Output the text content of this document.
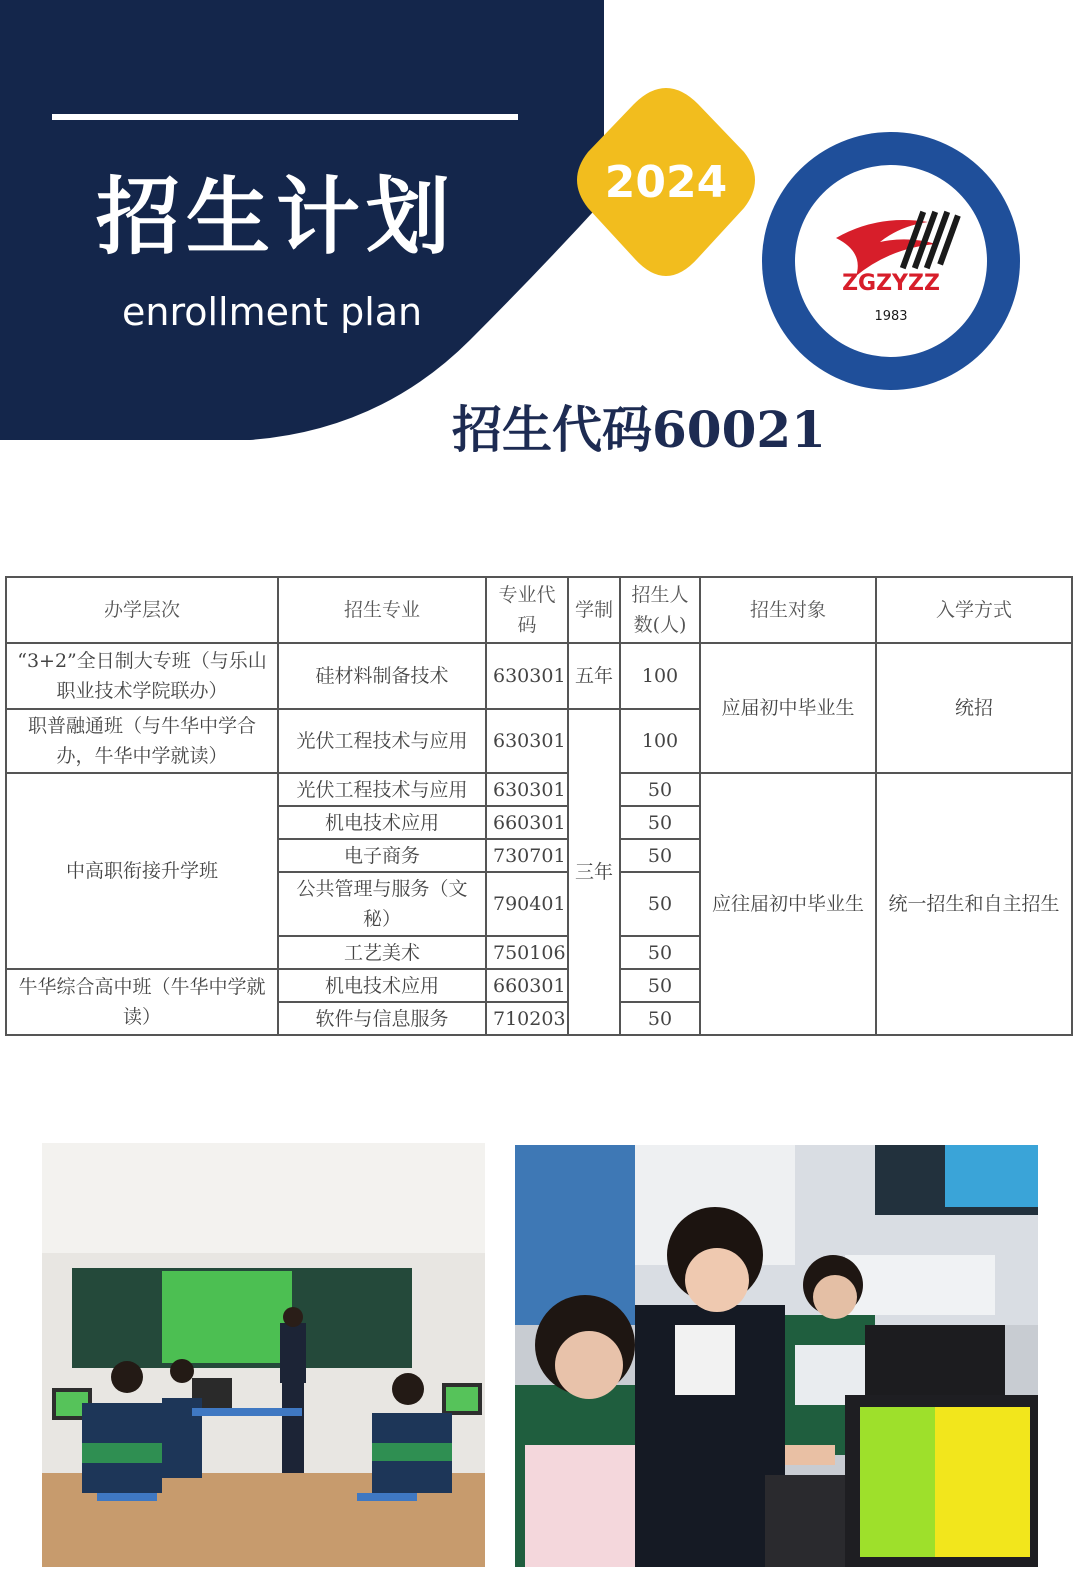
招生计划
enrollment plan
2024
ZGZYZZ
1983
招生代码60021
办学层次	招生专业	专业代码	学制	招生人数(人)	招生对象	入学方式
“3+2”全日制大专班（与乐山职业技术学院联办）	硅材料制备技术	630301	五年	100	应届初中毕业生	统招
职普融通班（与牛华中学合办，牛华中学就读）	光伏工程技术与应用	630301	三年	100		
中高职衔接升学班	光伏工程技术与应用	630301		50	应往届初中毕业生	统一招生和自主招生
	机电技术应用	660301		50		
	电子商务	730701		50		
	公共管理与服务（文秘）	790401		50		
	工艺美术	750106		50		
牛华综合高中班（牛华中学就读）	机电技术应用	660301		50		
	软件与信息服务	710203		50		
